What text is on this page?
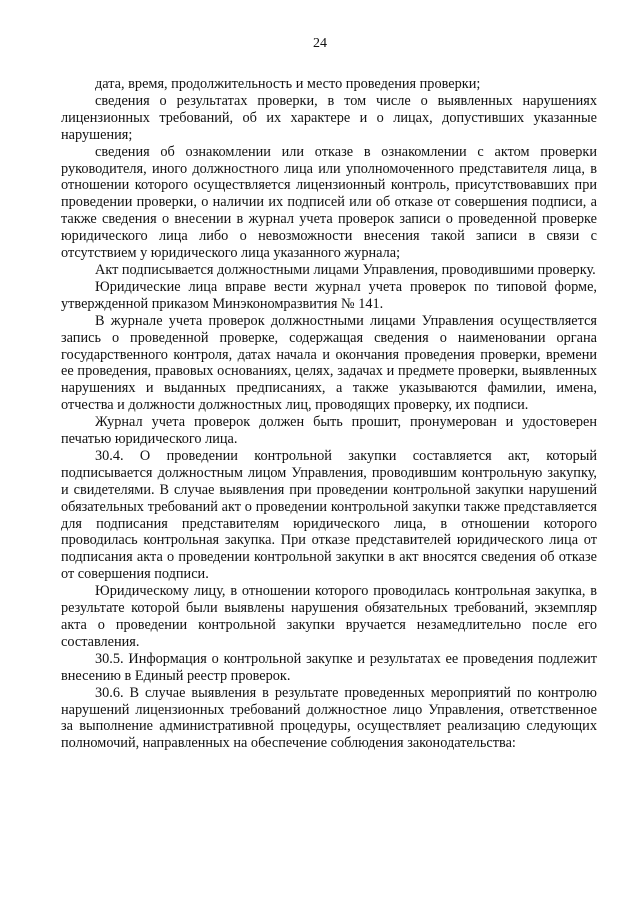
24

дата, время, продолжительность и место проведения проверки;

сведения о результатах проверки, в том числе о выявленных нарушениях лицензионных требований, об их характере и о лицах, допустивших указанные нарушения;

сведения об ознакомлении или отказе в ознакомлении с актом проверки руководителя, иного должностного лица или уполномоченного представителя лица, в отношении которого осуществляется лицензионный контроль, присутствовавших при проведении проверки, о наличии их подписей или об отказе от совершения подписи, а также сведения о внесении в журнал учета проверок записи о проведенной проверке юридического лица либо о невозможности внесения такой записи в связи с отсутствием у юридического лица указанного журнала;

Акт подписывается должностными лицами Управления, проводившими проверку.

Юридические лица вправе вести журнал учета проверок по типовой форме, утвержденной приказом Минэкономразвития № 141.

В журнале учета проверок должностными лицами Управления осуществляется запись о проведенной проверке, содержащая сведения о наименовании органа государственного контроля, датах начала и окончания проведения проверки, времени ее проведения, правовых основаниях, целях, задачах и предмете проверки, выявленных нарушениях и выданных предписаниях, а также указываются фамилии, имена, отчества и должности должностных лиц, проводящих проверку, их подписи.

Журнал учета проверок должен быть прошит, пронумерован и удостоверен печатью юридического лица.

30.4. О проведении контрольной закупки составляется акт, который подписывается должностным лицом Управления, проводившим контрольную закупку, и свидетелями. В случае выявления при проведении контрольной закупки нарушений обязательных требований акт о проведении контрольной закупки также представляется для подписания представителям юридического лица, в отношении которого проводилась контрольная закупка. При отказе представителей юридического лица от подписания акта о проведении контрольной закупки в акт вносятся сведения об отказе от совершения подписи.

Юридическому лицу, в отношении которого проводилась контрольная закупка, в результате которой были выявлены нарушения обязательных требований, экземпляр акта о проведении контрольной закупки вручается незамедлительно после его составления.

30.5. Информация о контрольной закупке и результатах ее проведения подлежит внесению в Единый реестр проверок.

30.6. В случае выявления в результате проведенных мероприятий по контролю нарушений лицензионных требований должностное лицо Управления, ответственное за выполнение административной процедуры, осуществляет реализацию следующих полномочий, направленных на обеспечение соблюдения законодательства:
